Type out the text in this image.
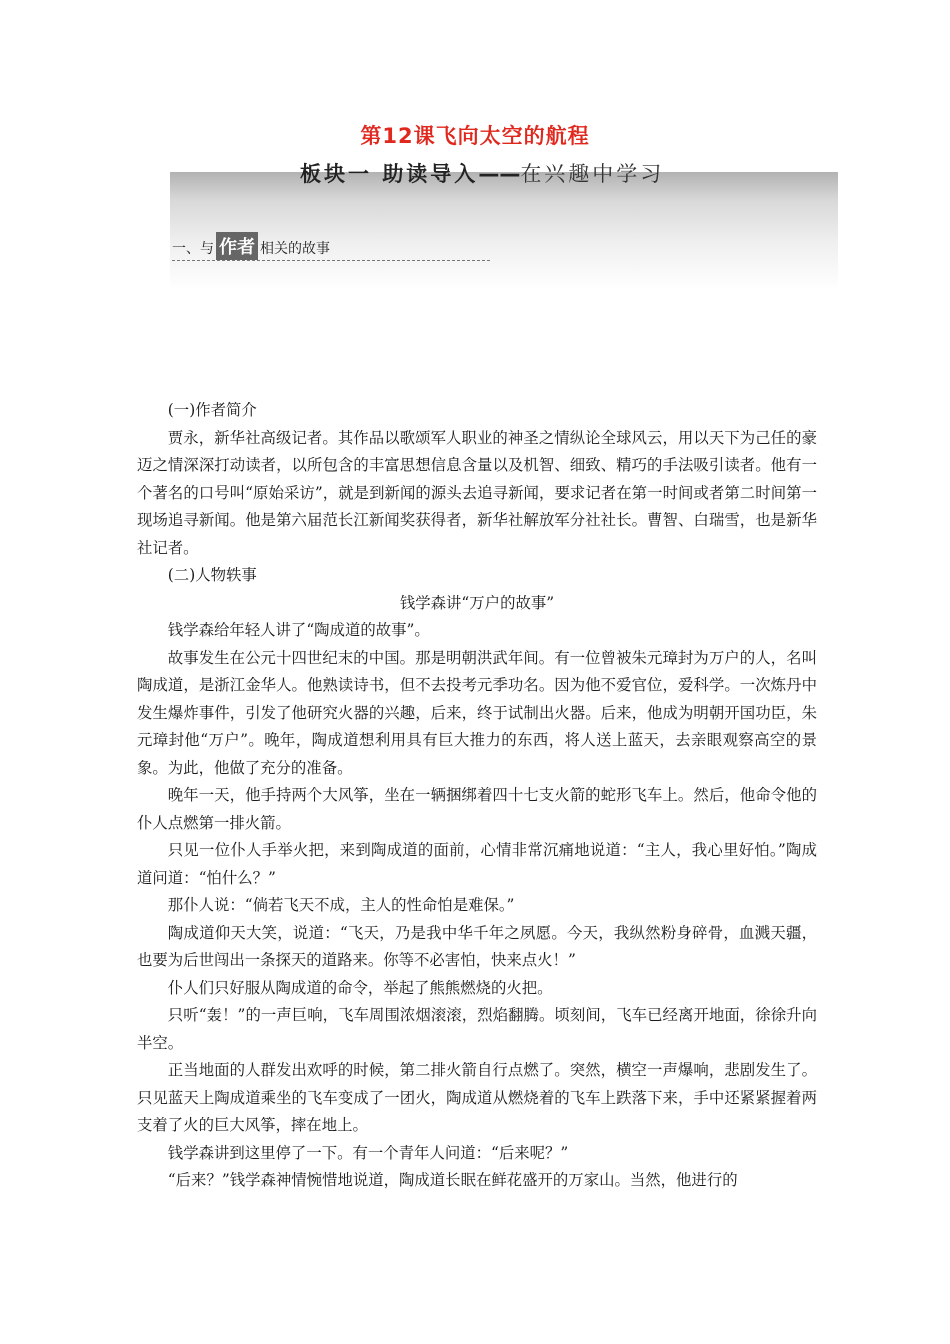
第12课飞向太空的航程
板块一 助读导入——在兴趣中学习
一、与 作者 相关的故事

(一)作者简介

贾永，新华社高级记者。其作品以歌颂军人职业的神圣之情纵论全球风云，用以天下为己任的豪迈之情深深打动读者，以所包含的丰富思想信息含量以及机智、细致、精巧的手法吸引读者。他有一个著名的口号叫“原始采访”，就是到新闻的源头去追寻新闻，要求记者在第一时间或者第二时间第一现场追寻新闻。他是第六届范长江新闻奖获得者，新华社解放军分社社长。曹智、白瑞雪，也是新华社记者。

(二)人物轶事

钱学森讲“万户的故事”

钱学森给年轻人讲了“陶成道的故事”。

故事发生在公元十四世纪末的中国。那是明朝洪武年间。有一位曾被朱元璋封为万户的人，名叫陶成道，是浙江金华人。他熟读诗书，但不去投考元季功名。因为他不爱官位，爱科学。一次炼丹中发生爆炸事件，引发了他研究火器的兴趣，后来，终于试制出火器。后来，他成为明朝开国功臣，朱元璋封他“万户”。晚年，陶成道想利用具有巨大推力的东西，将人送上蓝天，去亲眼观察高空的景象。为此，他做了充分的准备。

晚年一天，他手持两个大风筝，坐在一辆捆绑着四十七支火箭的蛇形飞车上。然后，他命令他的仆人点燃第一排火箭。

只见一位仆人手举火把，来到陶成道的面前，心情非常沉痛地说道：“主人，我心里好怕。”陶成道问道：“怕什么？”

那仆人说：“倘若飞天不成，主人的性命怕是难保。”

陶成道仰天大笑，说道：“飞天，乃是我中华千年之夙愿。今天，我纵然粉身碎骨，血溅天疆，也要为后世闯出一条探天的道路来。你等不必害怕，快来点火！”

仆人们只好服从陶成道的命令，举起了熊熊燃烧的火把。

只听“轰！”的一声巨响，飞车周围浓烟滚滚，烈焰翻腾。顷刻间，飞车已经离开地面，徐徐升向半空。

正当地面的人群发出欢呼的时候，第二排火箭自行点燃了。突然，横空一声爆响，悲剧发生了。只见蓝天上陶成道乘坐的飞车变成了一团火，陶成道从燃烧着的飞车上跌落下来，手中还紧紧握着两支着了火的巨大风筝，摔在地上。

钱学森讲到这里停了一下。有一个青年人问道：“后来呢？”

“后来？”钱学森神情惋惜地说道，陶成道长眠在鲜花盛开的万家山。当然，他进行的
